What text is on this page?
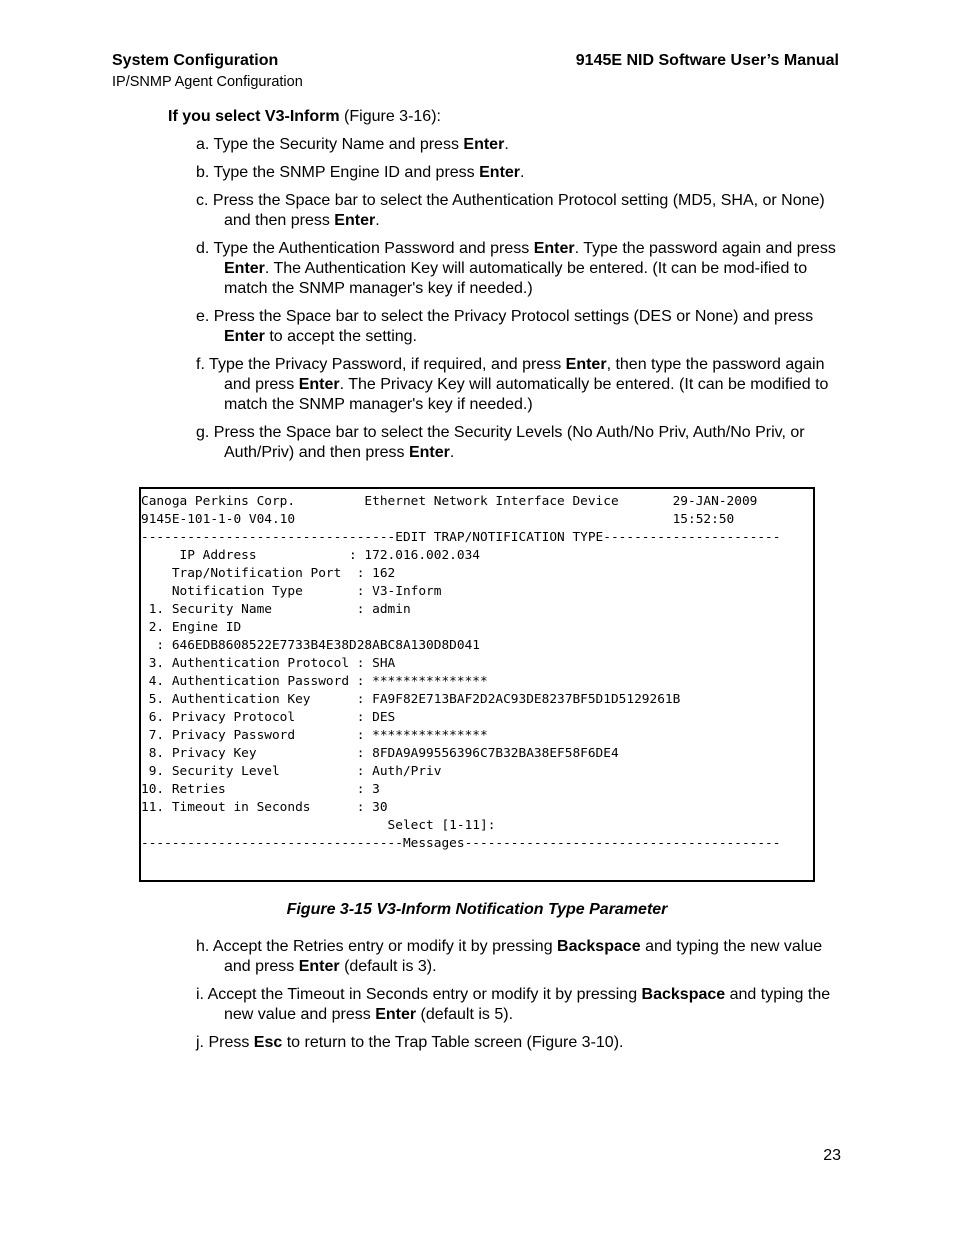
System Configuration
IP/SNMP Agent Configuration
9145E NID Software User’s Manual
If you select V3-Inform (Figure 3-16):
a. Type the Security Name and press Enter.
b. Type the SNMP Engine ID and press Enter.
c. Press the Space bar to select the Authentication Protocol setting (MD5, SHA, or None) and then press Enter.
d. Type the Authentication Password and press Enter. Type the password again and press Enter. The Authentication Key will automatically be entered. (It can be mod-ified to match the SNMP manager's key if needed.)
e. Press the Space bar to select the Privacy Protocol settings (DES or None) and press Enter to accept the setting.
f. Type the Privacy Password, if required, and press Enter, then type the password again and press Enter. The Privacy Key will automatically be entered. (It can be modified to match the SNMP manager's key if needed.)
g. Press the Space bar to select the Security Levels (No Auth/No Priv, Auth/No Priv, or Auth/Priv) and then press Enter.
Canoga Perkins Corp.         Ethernet Network Interface Device       29-JAN-2009
9145E-101-1-0 V04.10                                                 15:52:50
---------------------------------EDIT TRAP/NOTIFICATION TYPE-----------------------
IP Address            : 172.016.002.034
Trap/Notification Port  : 162
Notification Type       : V3-Inform
1. Security Name           : admin
2. Engine ID
: 646EDB8608522E7733B4E38D28ABC8A130D8D041
3. Authentication Protocol : SHA
4. Authentication Password : ***************
5. Authentication Key      : FA9F82E713BAF2D2AC93DE8237BF5D1D5129261B
6. Privacy Protocol        : DES
7. Privacy Password        : ***************
8. Privacy Key             : 8FDA9A99556396C7B32BA38EF58F6DE4
9. Security Level          : Auth/Priv
10. Retries                 : 3
11. Timeout in Seconds      : 30
Select [1-11]:
----------------------------------Messages-----------------------------------------
Figure 3-15 V3-Inform Notification Type Parameter
h. Accept the Retries entry or modify it by pressing Backspace and typing the new value and press Enter (default is 3).
i. Accept the Timeout in Seconds entry or modify it by pressing Backspace and typing the new value and press Enter (default is 5).
j. Press Esc to return to the Trap Table screen (Figure 3-10).
23
